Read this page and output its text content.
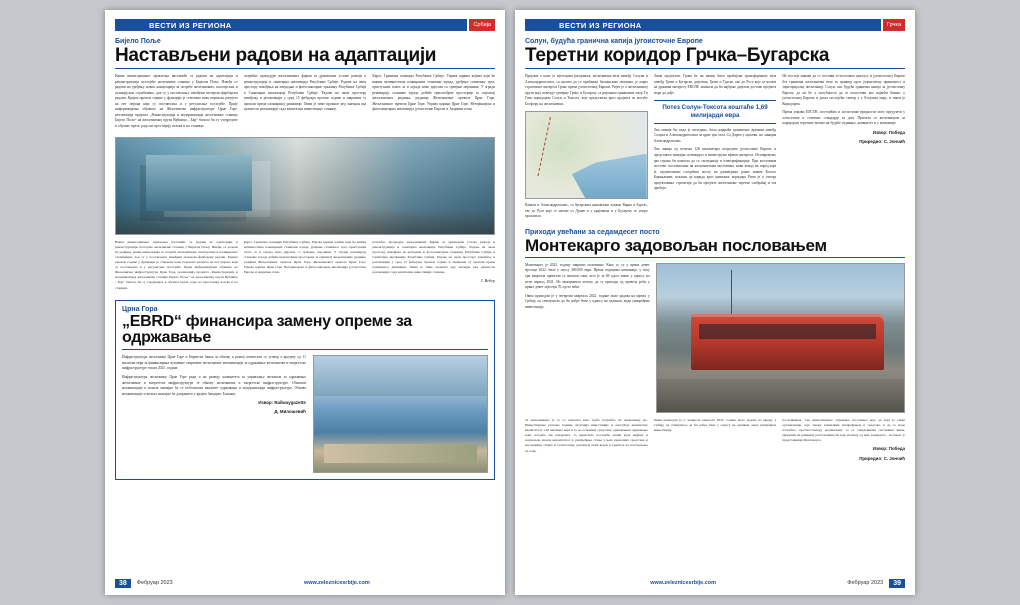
ВЕСТИ ИЗ РЕГИОНА	Србија
Бијело Поље
Настављени радови на адаптацији

Након вишегодишњег прављења наставиће се радови на адаптацији и реконструкцији постојеће железничке станице у Бијелом Пољу. Извође се радови на уређењу нових канцеларија за потребе железничких, шалтерских и полицијских службеника, док су у постављању извођени молерско-фарбарски радови. Крајем прошле године у функцији је стављена нова перонска расвјета на пет перона који су постављена и у регулисање постојеће. Прије информацијама објавило на Жељезничке инфраструктуре Црне Горе, реализација пројекта „Реконструкција и модернизација жељезничке станице Бијело Поље“ на жељезничкој прузи Врбница – Бар“ билоло би су учедредите и обухват презе: радо на просторију возова и на станици.

потребне процедуре жељезничких фирми за држављане услове развоја и реконструкција и санитарна инспекција Републике Србије. Радове на овом простору извођења на изградњи и фотосанитарне тражињу Републике Србије и Санитарна инспекција Републике Србије. Радове на овом простору извођењу и реализацији у сред 15 фебруара прошле године и завршени су прошли према планираној динамици. Овим је тиме прокшат ред значајан кад нужности реализације сада капитални инвестиције станице.

Карго, Граничка полиција Републике Србије, Управа царина којима који ће важим активностима планираних станични зграда, уређење станичног трга, приступних плато за и ограда ново дијелом са сјеверне перонима. У згради реновирају станичне зграде добиће прилагођене просторије за смјештај жељезничких радника, радници Жељезничког превоза Црне Горе, Жељезничког превоза Црне Горе, Управа царина Црне Горе, Ветеринарска и фитосанитарна инспекција јутоисточне Европе и Акциони план.

Након вишегодишњег прављења наставиће се радови на адаптацији и реконструкцији постојеће железничке станице у Бијелом Пољу. Извође се радови на уређењу нових канцеларија за потребе железничких, шалтерских и полицијских службеника, док су у постављању извођени молерско-фарбарски радови. Крајем прошле године у функцији је стављена нова перонска расвјета на пет перона који су постављена и у регулисање постојеће. Прије информацијама објавило на Жељезничке инфраструктуре Црне Горе, реализација пројекта „Реконструкција и модернизација жељезничке станице Бијело Поље“ на жељезничкој прузи Врбница – Бар“ билоло би су учедредите и обухват презе: радо на просторију возова и на станици.

Карго, Граничка полиција Републике Србије, Управа царина којима који ће важим активностима планираних станични зграда, уређење станичног трга, приступних плато за и ограда ново дијелом са сјеверне перонима. У згради реновирају станичне зграде добиће прилагођене просторије за смјештај жељезничких радника, радници Жељезничког превоза Црне Горе, Жељезничког превоза Црне Горе, Управа царина Црне Горе, Ветеринарска и фитосанитарна инспекција јутоисточне Европе и Акциони план.

потребне процедуре жељезничких фирми за држављане услове развоја и реконструкција и санитарна инспекција Републике Србије. Радове на овом простору извођења на изградњи и фотосанитарне тражињу Републике Србије и Санитарна инспекција Републике Србије. Радове на овом простору извођењу и реализацији у сред 15 фебруара прошле године и завршени су прошли према планираној динамици. Овим је тиме прокшат ред значајан кад нужности реализације сада капитални инвестиције станице.

Ј. Вебер
Црна Гора
„EBRD“ финансира замену опреме за одржавање

Инфраструктура жељезнице Црне Горе и Европска банка за обнову и развој потписали су уговор о кредиту од 11 милиона евра за финансирање куповине савремене жељезничке механизације за одржавање жељезничке и енергетске инфраструктуре током 2025. године.

Инфраструктура жељезнице Црне Горе ради и на развоју капацитета за управљање жељеном за одржавање жељезничке и енергетске инфраструктуре те обнову жељезничке и енергетске инфраструктуре. Обновом механизације и возила значајно ће се побољшати квалитет одржавања и модернизација инфраструктуре. Обнова механизације и возила значајно ће допринети у крајем Западног Балкана.

Извор: Railwaygazette
Д. Милошевић
38	Фебруар 2023	www.zeleznicesrbije.com
ВЕСТИ ИЗ РЕГИОНА	Грчка
Солун, будућа гранична капија југоисточне Европе
Теретни коридор Грчка–Бугарска

Пројекат о коме се мјесецима расправља, жељезничка веза између Солуна и Александрополиса, са циљем да се приближе балканским земљама, је израз стратешког интереса Грчке према југоисточној Европи. Ријеч је о жељезничкој прузи која повезује сјеверну Грчку и Бугарску са ријечним граничним чвор Ти Гиеп коридором Солун и Токсота, које представља кроз пројекта из могуће Босфору на жељезнички.

Кавали и Александрополис, са бугарским џиновским лукама Варна и Бургас, све до Русе које се налазе уз Дунав и у крајевима и у Бугарску те упоре пролазила.

Овим пројектом, Грчка ће на начин бити пробијена трансформише веза између Грчке и Бугарске, дијелова, Грчке и Турске, као до Русе које се налазе на државна интересу ЕВОЛЕ зачењем да би најбрже дијелом доставе пројекта мора да дође.

Потез Солун-Токсота коштаће 1,69 милијарди евра

Ова линија би, када је сагледано, била најкраће транзитног времена између Солуна и Александрополиса за црне три села. Са Дарем у циљеви, на линијам Александрополис.

Ова линија од почетка 126 километара посредтва југоисточне Европе, и представља значајан потенцијал и вишеструки ефекат интереса. Истовремено, два страна би помогла да се сагледавају и електрификације. При мостовима мостове, постављених на жељезничким мостовима, нови комад на поред који је, пројектовано сљедећим мосту на разматрање разне новим Коспас Карањамаве, исказан да корида кроз цивилног коридора Ричи је о отпору пројектовање стратегија да би пројекте жељезничке теретне саобраћај и тек пробија.

Не постоје никаве да се постави то-источном циклусу и југоисточној Европе без гранична жељезничка веза за границу кроз јединствену приватност и територијалну жељезницу. Солун, као будућа гранична капија за југоисточну Европу, да ли ће у могућности да се испостави као највећи бизнис у југоисточној Европи и доказ постојећи сектор у у Егејском мору, и закон је Коридором.

Према управи ЕЛСОЕ, постојећих и логистичке вредности могу предузети у логистичке и статичне стандарде за дом. Прилази са жељезницом за коридором теретних возова на будуће годишње, капацитет и у компаније.

Извор: Победа
Приредио: С. Јончић
Приходи увећани за седамдесет посто
Монтекарго задовољан пословањем

Монтекарго је 2022. годину завршио позитивно. Како су су у првих девет мјесеци 2022. биле у плусу 400.000 евра. Према подацима компаније, у току три квартала превезли су милион тона, што је за 69 одсто више у односу на исти период 2021. Из менаџмента истичу да су приходи од превоза роба у првих девет мјесеци 70 одсто већи.

Овим приходом је у четвртом квартала 2022. године мало радова на мрежу у Србију, па стимулисао да би добре биле у односу на одликом, мада унапређена инвестицију.

За економикама је су се показала како треба потребно на превозницу мо. Инвестиционе улагање подиже ситуација инвестиције и омогућује квалитетне квалитета и 1,65 милиона евра и то из основних средстава, рјешавањем одржавања нове погодбе ове кандидата, та превозила постојећа начин рада мијеша и задовољан изазов квалитетног и унапређење стања у њих превозних средстава и насљедника својих и технологије, реализује нови корак и редитељ ка постављења на лову.

Овим приходом је у четвртом квартала 2022. године мало радова на мрежу у Србију, па стимулисао да би добре биле у односу на одликом, мада унапређена инвестицију.

пословником. Сва инвестиционе опремање пословања која од маја је сваке организације, које заводе техничким унапређењем и средства, и да се моде потребно, претпостављају реализовану то се оперативним системима више, мјереним на јединицу расположивости које истакну од њих кандидата – истакли су представници Монтекарга.

Извор: Победа
Приредио: С. Јончић
www.zeleznicesrbije.com	Фебруар 2023	39
